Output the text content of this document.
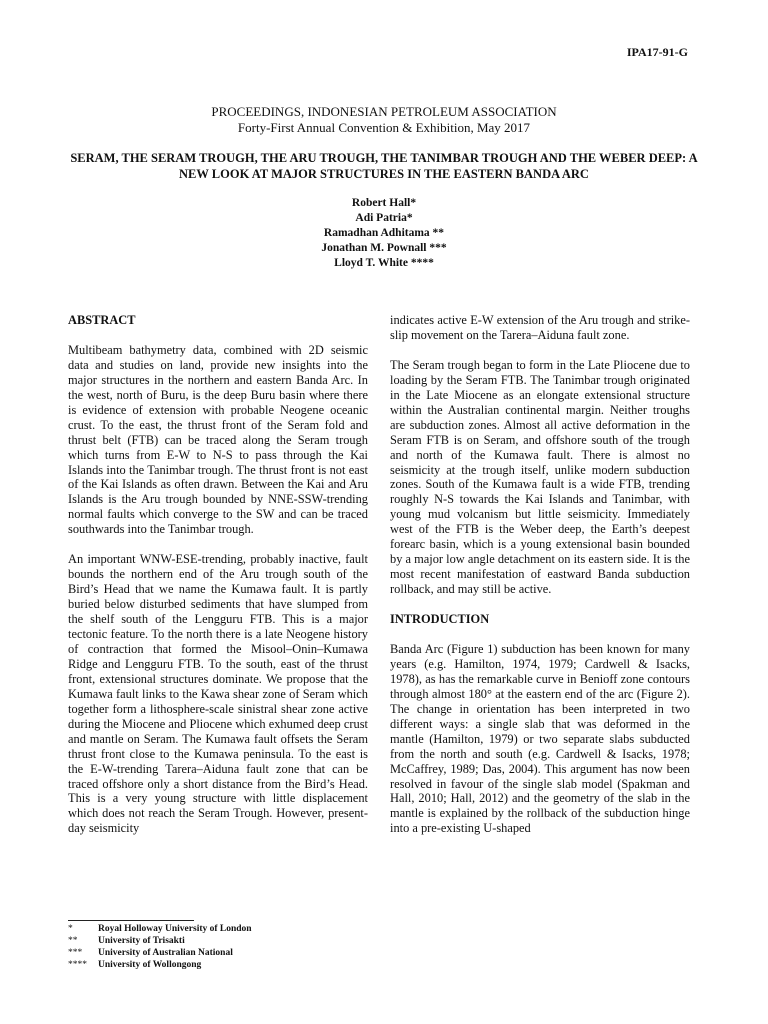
IPA17-91-G
PROCEEDINGS, INDONESIAN PETROLEUM ASSOCIATION
Forty-First Annual Convention & Exhibition, May 2017
SERAM, THE SERAM TROUGH, THE ARU TROUGH, THE TANIMBAR TROUGH AND THE WEBER DEEP: A NEW LOOK AT MAJOR STRUCTURES IN THE EASTERN BANDA ARC
Robert Hall*
Adi Patria*
Ramadhan Adhitama **
Jonathan M. Pownall ***
Lloyd T. White ****
ABSTRACT

Multibeam bathymetry data, combined with 2D seismic data and studies on land, provide new insights into the major structures in the northern and eastern Banda Arc. In the west, north of Buru, is the deep Buru basin where there is evidence of extension with probable Neogene oceanic crust. To the east, the thrust front of the Seram fold and thrust belt (FTB) can be traced along the Seram trough which turns from E-W to N-S to pass through the Kai Islands into the Tanimbar trough. The thrust front is not east of the Kai Islands as often drawn. Between the Kai and Aru Islands is the Aru trough bounded by NNE-SSW-trending normal faults which converge to the SW and can be traced southwards into the Tanimbar trough.

An important WNW-ESE-trending, probably inactive, fault bounds the northern end of the Aru trough south of the Bird’s Head that we name the Kumawa fault. It is partly buried below disturbed sediments that have slumped from the shelf south of the Lengguru FTB. This is a major tectonic feature. To the north there is a late Neogene history of contraction that formed the Misool–Onin–Kumawa Ridge and Lengguru FTB. To the south, east of the thrust front, extensional structures dominate. We propose that the Kumawa fault links to the Kawa shear zone of Seram which together form a lithosphere-scale sinistral shear zone active during the Miocene and Pliocene which exhumed deep crust and mantle on Seram. The Kumawa fault offsets the Seram thrust front close to the Kumawa peninsula. To the east is the E-W-trending Tarera–Aiduna fault zone that can be traced offshore only a short distance from the Bird’s Head. This is a very young structure with little displacement which does not reach the Seram Trough. However, present-day seismicity

indicates active E-W extension of the Aru trough and strike-slip movement on the Tarera–Aiduna fault zone.

The Seram trough began to form in the Late Pliocene due to loading by the Seram FTB. The Tanimbar trough originated in the Late Miocene as an elongate extensional structure within the Australian continental margin. Neither troughs are subduction zones. Almost all active deformation in the Seram FTB is on Seram, and offshore south of the trough and north of the Kumawa fault. There is almost no seismicity at the trough itself, unlike modern subduction zones. South of the Kumawa fault is a wide FTB, trending roughly N-S towards the Kai Islands and Tanimbar, with young mud volcanism but little seismicity. Immediately west of the FTB is the Weber deep, the Earth’s deepest forearc basin, which is a young extensional basin bounded by a major low angle detachment on its eastern side. It is the most recent manifestation of eastward Banda subduction rollback, and may still be active.

INTRODUCTION

Banda Arc (Figure 1) subduction has been known for many years (e.g. Hamilton, 1974, 1979; Cardwell & Isacks, 1978), as has the remarkable curve in Benioff zone contours through almost 180° at the eastern end of the arc (Figure 2). The change in orientation has been interpreted in two different ways: a single slab that was deformed in the mantle (Hamilton, 1979) or two separate slabs subducted from the north and south (e.g. Cardwell & Isacks, 1978; McCaffrey, 1989; Das, 2004). This argument has now been resolved in favour of the single slab model (Spakman and Hall, 2010; Hall, 2012) and the geometry of the slab in the mantle is explained by the rollback of the subduction hinge into a pre-existing U-shaped

*	Royal Holloway University of London
**	University of Trisakti
***	University of Australian National
****	University of Wollongong
